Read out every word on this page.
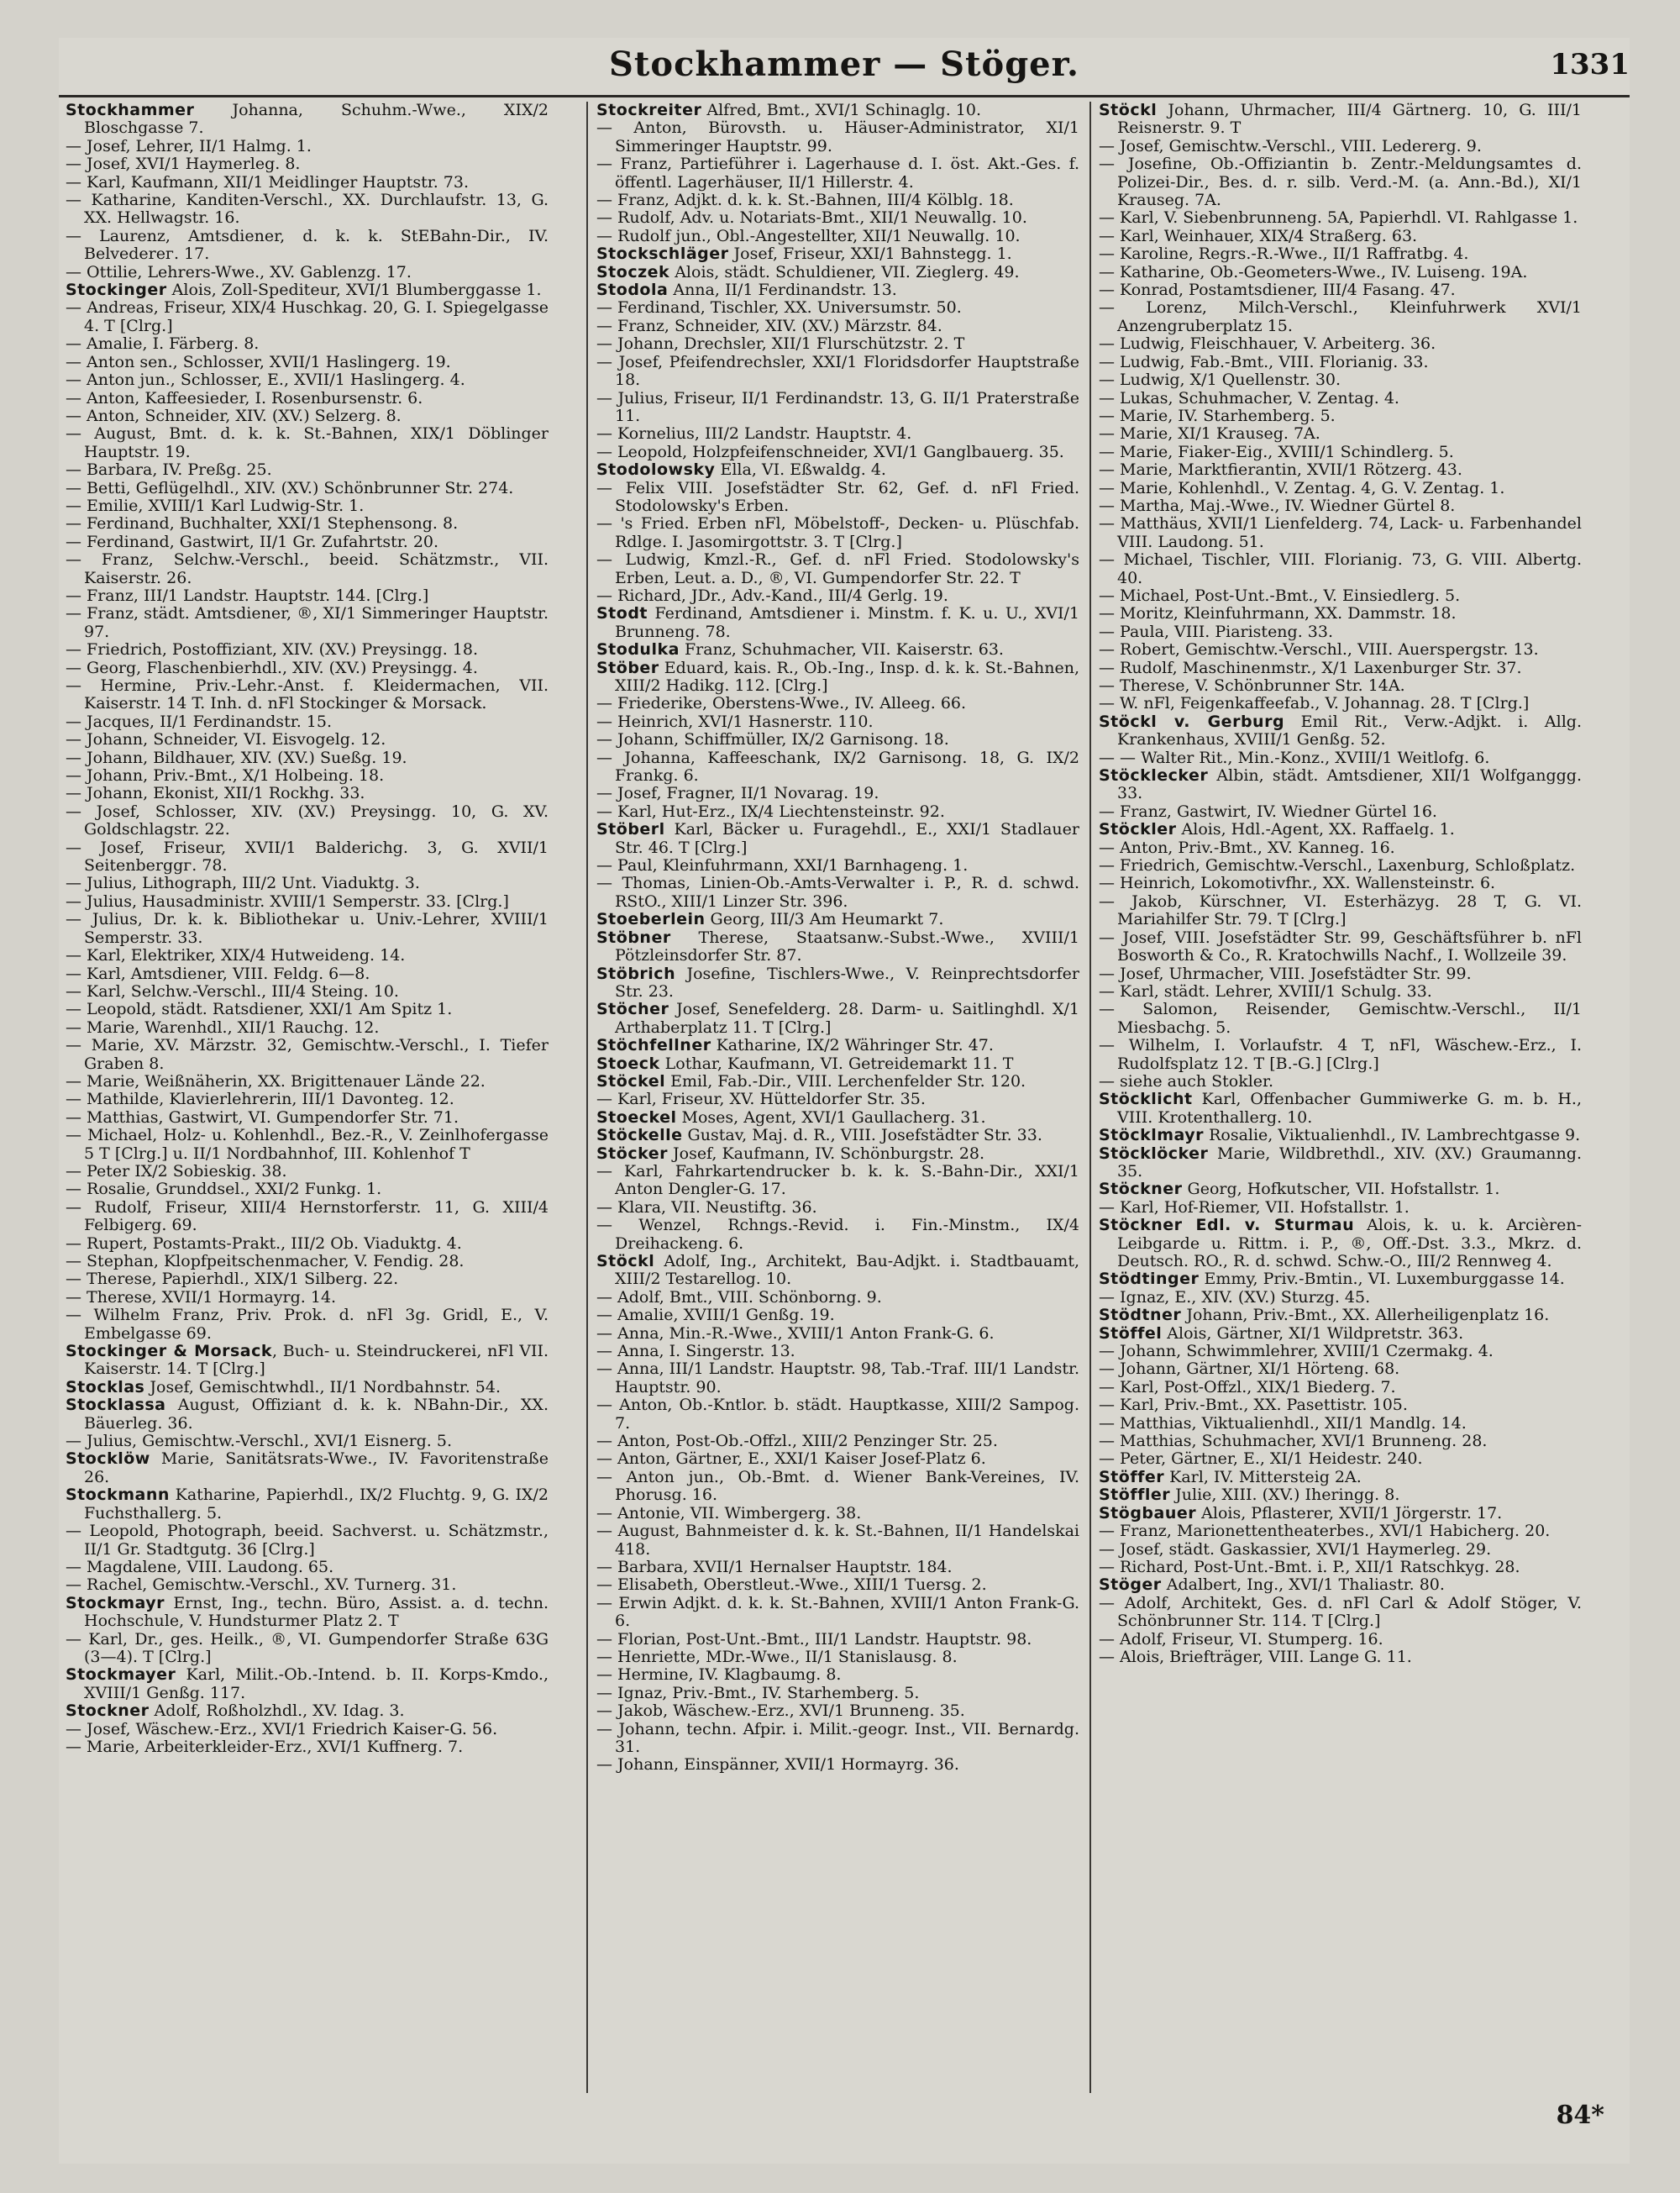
Stockhammer — Stöger.	1331

Stockhammer Johanna, Schuhm.-Wwe., XIX/2 Bloschgasse 7.

— Josef, Lehrer, II/1 Halmg. 1.

— Josef, XVI/1 Haymerleg. 8.

— Karl, Kaufmann, XII/1 Meidlinger Hauptstr. 73.

— Katharine, Kanditen-Verschl., XX. Durchlaufstr. 13, G. XX. Hellwagstr. 16.

— Laurenz, Amtsdiener, d. k. k. StEBahn-Dir., IV. Belvederег. 17.

— Ottilie, Lehrers-Wwe., XV. Gablenzg. 17.

Stockinger Alois, Zoll-Spediteur, XVI/1 Blumberggasse 1.

— Andreas, Friseur, XIX/4 Huschkag. 20, G. I. Spiegelgasse 4. T [Clrg.]

— Amalie, I. Färberg. 8.

— Anton sen., Schlosser, XVII/1 Haslingerg. 19.

— Anton jun., Schlosser, E., XVII/1 Haslingerg. 4.

— Anton, Kaffeesieder, I. Rosenbursenstr. 6.

— Anton, Schneider, XIV. (XV.) Selzerg. 8.

— August, Bmt. d. k. k. St.-Bahnen, XIX/1 Döblinger Hauptstr. 19.

— Barbara, IV. Preßg. 25.

— Betti, Geflügelhdl., XIV. (XV.) Schönbrunner Str. 274.

— Emilie, XVIII/1 Karl Ludwig-Str. 1.

— Ferdinand, Buchhalter, XXI/1 Stephensong. 8.

— Ferdinand, Gastwirt, II/1 Gr. Zufahrtstr. 20.

— Franz, Selchw.-Verschl., beeid. Schätzmstr., VII. Kaiserstr. 26.

— Franz, III/1 Landstr. Hauptstr. 144. [Clrg.]

— Franz, städt. Amtsdiener, ®, XI/1 Simmeringer Hauptstr. 97.

— Friedrich, Postoffiziant, XIV. (XV.) Preysingg. 18.

— Georg, Flaschenbierhdl., XIV. (XV.) Preysingg. 4.

— Hermine, Priv.-Lehr.-Anst. f. Kleidermachen, VII. Kaiserstr. 14 T. Inh. d. nFl Stockinger & Morsack.

— Jacques, II/1 Ferdinandstr. 15.

— Johann, Schneider, VI. Eisvogelg. 12.

— Johann, Bildhauer, XIV. (XV.) Sueßg. 19.

— Johann, Priv.-Bmt., X/1 Holbeing. 18.

— Johann, Ekonist, XII/1 Rockhg. 33.

— Josef, Schlosser, XIV. (XV.) Preysingg. 10, G. XV. Goldschlagstr. 22.

— Josef, Friseur, XVII/1 Balderichg. 3, G. XVII/1 Seitenberggг. 78.

— Julius, Lithograph, III/2 Unt. Viaduktg. 3.

— Julius, Hausadministr. XVIII/1 Semperstr. 33. [Clrg.]

— Julius, Dr. k. k. Bibliothekar u. Univ.-Lehrer, XVIII/1 Semperstr. 33.

— Karl, Elektriker, XIX/4 Hutweideng. 14.

— Karl, Amtsdiener, VIII. Feldg. 6—8.

— Karl, Selchw.-Verschl., III/4 Steing. 10.

— Leopold, städt. Ratsdiener, XXI/1 Am Spitz 1.

— Marie, Warenhdl., XII/1 Rauchg. 12.

— Marie, XV. Märzstr. 32, Gemischtw.-Verschl., I. Tiefer Graben 8.

— Marie, Weißnäherin, XX. Brigittenauer Lände 22.

— Mathilde, Klavierlehrerin, III/1 Davonteg. 12.

— Matthias, Gastwirt, VI. Gumpendorfer Str. 71.

— Michael, Holz- u. Kohlenhdl., Bez.-R., V. Zeinlhofergasse 5 T [Clrg.] u. II/1 Nordbahnhof, III. Kohlenhof T

— Peter IX/2 Sobieskig. 38.

— Rosalie, Grunddsel., XXI/2 Funkg. 1.

— Rudolf, Friseur, XIII/4 Hernstorferstr. 11, G. XIII/4 Felbigerg. 69.

— Rupert, Postamts-Prakt., III/2 Ob. Viaduktg. 4.

— Stephan, Klopfpeitschenmacher, V. Fendig. 28.

— Therese, Papierhdl., XIX/1 Silberg. 22.

— Therese, XVII/1 Hormayrg. 14.

— Wilhelm Franz, Priv. Prok. d. nFl 3g. Gridl, E., V. Embelgasse 69.

Stockinger & Morsack, Buch- u. Steindruckerei, nFl VII. Kaiserstr. 14. T [Clrg.]

Stocklas Josef, Gemischtwhdl., II/1 Nordbahnstr. 54.

Stocklassa August, Offiziant d. k. k. NBahn-Dir., XX. Bäuerleg. 36.

— Julius, Gemischtw.-Verschl., XVI/1 Eisnerg. 5.

Stocklöw Marie, Sanitätsrats-Wwe., IV. Favoritenstraße 26.

Stockmann Katharine, Papierhdl., IX/2 Fluchtg. 9, G. IX/2 Fuchsthallerg. 5.

— Leopold, Photograph, beeid. Sachverst. u. Schätzmstr., II/1 Gr. Stadtgutg. 36 [Clrg.]

— Magdalene, VIII. Laudong. 65.

— Rachel, Gemischtw.-Verschl., XV. Turnerg. 31.

Stockmayr Ernst, Ing., techn. Büro, Assist. a. d. techn. Hochschule, V. Hundsturmer Platz 2. T

— Karl, Dr., ges. Heilk., ®, VI. Gumpendorfer Straße 63G (3—4). T [Clrg.]

Stockmayer Karl, Milit.-Ob.-Intend. b. II. Korps-Kmdo., XVIII/1 Genßg. 117.

Stockner Adolf, Roßholzhdl., XV. Idag. 3.

— Josef, Wäschew.-Erz., XVI/1 Friedrich Kaiser-G. 56.

— Marie, Arbeiterkleider-Erz., XVI/1 Kuffnerg. 7.

Stockreiter Alfred, Bmt., XVI/1 Schinaglg. 10.

— Anton, Bürovsth. u. Häuser-Administrator, XI/1 Simmeringer Hauptstr. 99.

— Franz, Partieführer i. Lagerhause d. I. öst. Akt.-Ges. f. öffentl. Lagerhäuser, II/1 Hillerstr. 4.

— Franz, Adjkt. d. k. k. St.-Bahnen, III/4 Kölblg. 18.

— Rudolf, Adv. u. Notariats-Bmt., XII/1 Neuwallg. 10.

— Rudolf jun., Obl.-Angestellter, XII/1 Neuwallg. 10.

Stockschläger Josef, Friseur, XXI/1 Bahnstegg. 1.

Stoczek Alois, städt. Schuldiener, VII. Zieglerg. 49.

Stodola Anna, II/1 Ferdinandstr. 13.

— Ferdinand, Tischler, XX. Universumstr. 50.

— Franz, Schneider, XIV. (XV.) Märzstr. 84.

— Johann, Drechsler, XII/1 Flurschützstr. 2. T

— Josef, Pfeifendrechsler, XXI/1 Floridsdorfer Hauptstraße 18.

— Julius, Friseur, II/1 Ferdinandstr. 13, G. II/1 Praterstraße 11.

— Kornelius, III/2 Landstr. Hauptstr. 4.

— Leopold, Holzpfeifenschneider, XVI/1 Ganglbauerg. 35.

Stodolowsky Ella, VI. Eßwaldg. 4.

— Felix VIII. Josefstädter Str. 62, Gef. d. nFl Fried. Stodolowsky's Erben.

— 's Fried. Erben nFl, Möbelstoff-, Decken- u. Plüschfab. Rdlge. I. Jasomirgottstr. 3. T [Clrg.]

— Ludwig, Kmzl.-R., Gef. d. nFl Fried. Stodolowsky's Erben, Leut. a. D., ®, VI. Gumpendorfer Str. 22. T

— Richard, JDr., Adv.-Kand., III/4 Gerlg. 19.

Stodt Ferdinand, Amtsdiener i. Minstm. f. K. u. U., XVI/1 Brunneng. 78.

Stodulka Franz, Schuhmacher, VII. Kaiserstr. 63.

Stöber Eduard, kais. R., Ob.-Ing., Insp. d. k. k. St.-Bahnen, XIII/2 Hadikg. 112. [Clrg.]

— Friederike, Oberstens-Wwe., IV. Alleeg. 66.

— Heinrich, XVI/1 Hasnerstr. 110.

— Johann, Schiffmüller, IX/2 Garnisong. 18.

— Johanna, Kaffeeschank, IX/2 Garnisong. 18, G. IX/2 Frankg. 6.

— Josef, Fragner, II/1 Novarag. 19.

— Karl, Hut-Erz., IX/4 Liechtensteinstr. 92.

Stöberl Karl, Bäcker u. Furagehdl., E., XXI/1 Stadlauer Str. 46. T [Clrg.]

— Paul, Kleinfuhrmann, XXI/1 Barnhageng. 1.

— Thomas, Linien-Ob.-Amts-Verwalter i. P., R. d. schwd. RStO., XIII/1 Linzer Str. 396.

Stoeberlein Georg, III/3 Am Heumarkt 7.

Stöbner Therese, Staatsanw.-Subst.-Wwe., XVIII/1 Pötzleinsdorfer Str. 87.

Stöbrich Josefine, Tischlers-Wwe., V. Reinprechtsdorfer Str. 23.

Stöcher Josef, Senefelderg. 28. Darm- u. Saitlinghdl. X/1 Arthaberplatz 11. T [Clrg.]

Stöchfellner Katharine, IX/2 Währinger Str. 47.

Stoeck Lothar, Kaufmann, VI. Getreidemarkt 11. T

Stöckel Emil, Fab.-Dir., VIII. Lerchenfelder Str. 120.

— Karl, Friseur, XV. Hütteldorfer Str. 35.

Stoeckel Moses, Agent, XVI/1 Gaullacherg. 31.

Stöckelle Gustav, Maj. d. R., VIII. Josefstädter Str. 33.

Stöcker Josef, Kaufmann, IV. Schönburgstr. 28.

— Karl, Fahrkartendrucker b. k. k. S.-Bahn-Dir., XXI/1 Anton Dengler-G. 17.

— Klara, VII. Neustiftg. 36.

— Wenzel, Rchngs.-Revid. i. Fin.-Minstm., IX/4 Dreihackeng. 6.

Stöckl Adolf, Ing., Architekt, Bau-Adjkt. i. Stadtbauamt, XIII/2 Testarellog. 10.

— Adolf, Bmt., VIII. Schönborng. 9.

— Amalie, XVIII/1 Genßg. 19.

— Anna, Min.-R.-Wwe., XVIII/1 Anton Frank-G. 6.

— Anna, I. Singerstr. 13.

— Anna, III/1 Landstr. Hauptstr. 98, Tab.-Traf. III/1 Landstr. Hauptstr. 90.

— Anton, Ob.-Kntlor. b. städt. Hauptkasse, XIII/2 Sampog. 7.

— Anton, Post-Ob.-Offzl., XIII/2 Penzinger Str. 25.

— Anton, Gärtner, E., XXI/1 Kaiser Josef-Platz 6.

— Anton jun., Ob.-Bmt. d. Wiener Bank-Vereines, IV. Phorusg. 16.

— Antonie, VII. Wimbergerg. 38.

— August, Bahnmeister d. k. k. St.-Bahnen, II/1 Handelskai 418.

— Barbara, XVII/1 Hernalser Hauptstr. 184.

— Elisabeth, Oberstleut.-Wwe., XIII/1 Tuersg. 2.

— Erwin Adjkt. d. k. k. St.-Bahnen, XVIII/1 Anton Frank-G. 6.

— Florian, Post-Unt.-Bmt., III/1 Landstr. Hauptstr. 98.

— Henriette, MDr.-Wwe., II/1 Stanislausg. 8.

— Hermine, IV. Klagbaumg. 8.

— Ignaz, Priv.-Bmt., IV. Starhemberg. 5.

— Jakob, Wäschew.-Erz., XVI/1 Brunneng. 35.

— Johann, techn. Afpir. i. Milit.-geogr. Inst., VII. Bernardg. 31.

— Johann, Einspänner, XVII/1 Hormayrg. 36.

Stöckl Johann, Uhrmacher, III/4 Gärtnerg. 10, G. III/1 Reisnerstr. 9. T

— Josef, Gemischtw.-Verschl., VIII. Ledererg. 9.

— Josefine, Ob.-Offizіantin b. Zentr.-Meldungsamtes d. Polizei-Dir., Bes. d. r. silb. Verd.-M. (a. Ann.-Bd.), XI/1 Krauseg. 7A.

— Karl, V. Siebenbrunneng. 5A, Papierhdl. VI. Rahlgasse 1.

— Karl, Weinhauer, XIX/4 Straßerg. 63.

— Karoline, Regrs.-R.-Wwe., II/1 Raffratbg. 4.

— Katharine, Ob.-Geometers-Wwe., IV. Luiseng. 19A.

— Konrad, Postamtsdiener, III/4 Fasang. 47.

— Lorenz, Milch-Verschl., Kleinfuhrwerk XVI/1 Anzengruberplatz 15.

— Ludwig, Fleischhauer, V. Arbeiterg. 36.

— Ludwig, Fab.-Bmt., VIII. Florianig. 33.

— Ludwig, X/1 Quellenstr. 30.

— Lukas, Schuhmacher, V. Zentag. 4.

— Marie, IV. Starhemberg. 5.

— Marie, XI/1 Krauseg. 7A.

— Marie, Fiaker-Eig., XVIII/1 Schindlerg. 5.

— Marie, Marktfierantin, XVII/1 Rötzerg. 43.

— Marie, Kohlenhdl., V. Zentag. 4, G. V. Zentag. 1.

— Martha, Maj.-Wwe., IV. Wiedner Gürtel 8.

— Matthäus, XVII/1 Lienfelderg. 74, Lack- u. Farbenhandel VIII. Laudong. 51.

— Michael, Tischler, VIII. Florianig. 73, G. VIII. Albertg. 40.

— Michael, Post-Unt.-Bmt., V. Einsiedlerg. 5.

— Moritz, Kleinfuhrmann, XX. Dammstr. 18.

— Paula, VIII. Piaristeng. 33.

— Robert, Gemischtw.-Verschl., VIII. Auerspergstr. 13.

— Rudolf, Maschinenmstr., X/1 Laxenburger Str. 37.

— Therese, V. Schönbrunner Str. 14A.

— W. nFl, Feigenkaffeefab., V. Johannag. 28. T [Clrg.]

Stöckl v. Gerburg Emil Rit., Verw.-Adjkt. i. Allg. Krankenhaus, XVIII/1 Genßg. 52.

— — Walter Rit., Min.-Konz., XVIII/1 Weitlofg. 6.

Stöcklecker Albin, städt. Amtsdiener, XII/1 Wolfganggg. 33.

— Franz, Gastwirt, IV. Wiedner Gürtel 16.

Stöckler Alois, Hdl.-Agent, XX. Raffaelg. 1.

— Anton, Priv.-Bmt., XV. Kanneg. 16.

— Friedrich, Gemischtw.-Verschl., Laxenburg, Schloßplatz.

— Heinrich, Lokomotivfhr., XX. Wallensteinstr. 6.

— Jakob, Kürschner, VI. Esterhäzyg. 28 T, G. VI. Mariahilfer Str. 79. T [Clrg.]

— Josef, VIII. Josefstädter Str. 99, Geschäftsführer b. nFl Bosworth & Co., R. Kratochwills Nachf., I. Wollzeile 39.

— Josef, Uhrmacher, VIII. Josefstädter Str. 99.

— Karl, städt. Lehrer, XVIII/1 Schulg. 33.

— Salomon, Reisender, Gemischtw.-Verschl., II/1 Miesbachg. 5.

— Wilhelm, I. Vorlaufstr. 4 T, nFl, Wäschew.-Erz., I. Rudolfsplatz 12. T [B.-G.] [Clrg.]

— siehe auch Stokler.

Stöcklicht Karl, Offenbacher Gummiwerke G. m. b. H., VIII. Krotenthallerg. 10.

Stöcklmayr Rosalie, Viktualienhdl., IV. Lambrechtgasse 9.

Stöcklöcker Marie, Wildbrethdl., XIV. (XV.) Graumanng. 35.

Stöckner Georg, Hofkutscher, VII. Hofstallstr. 1.

— Karl, Hof-Riemer, VII. Hofstallstr. 1.

Stöckner Edl. v. Sturmau Alois, k. u. k. Arcièren-Leibgarde u. Rittm. i. P., ®, Off.-Dst. 3.3., Mkrz. d. Deutsch. RO., R. d. schwd. Schw.-O., III/2 Rennweg 4.

Stödtinger Emmy, Priv.-Bmtin., VI. Luxemburggasse 14.

— Ignaz, E., XIV. (XV.) Sturzg. 45.

Stödtner Johann, Priv.-Bmt., XX. Allerheiligenplatz 16.

Stöffel Alois, Gärtner, XI/1 Wildpretstr. 363.

— Johann, Schwimmlehrer, XVIII/1 Czermakg. 4.

— Johann, Gärtner, XI/1 Hörteng. 68.

— Karl, Post-Offzl., XIX/1 Biederg. 7.

— Karl, Priv.-Bmt., XX. Pasettistr. 105.

— Matthias, Viktualienhdl., XII/1 Mandlg. 14.

— Matthias, Schuhmacher, XVI/1 Brunneng. 28.

— Peter, Gärtner, E., XI/1 Heidestr. 240.

Stöffer Karl, IV. Mittersteig 2A.

Stöffler Julie, XIII. (XV.) Iheringg. 8.

Stögbauer Alois, Pflasterer, XVII/1 Jörgerstr. 17.

— Franz, Marionettentheaterbes., XVI/1 Habicherg. 20.

— Josef, städt. Gaskassier, XVI/1 Haymerleg. 29.

— Richard, Post-Unt.-Bmt. i. P., XII/1 Ratschkyg. 28.

Stöger Adalbert, Ing., XVI/1 Thaliastr. 80.

— Adolf, Architekt, Ges. d. nFl Carl & Adolf Stöger, V. Schönbrunner Str. 114. T [Clrg.]

— Adolf, Friseur, VI. Stumperg. 16.

— Alois, Briefträger, VIII. Lange G. 11.

84*
